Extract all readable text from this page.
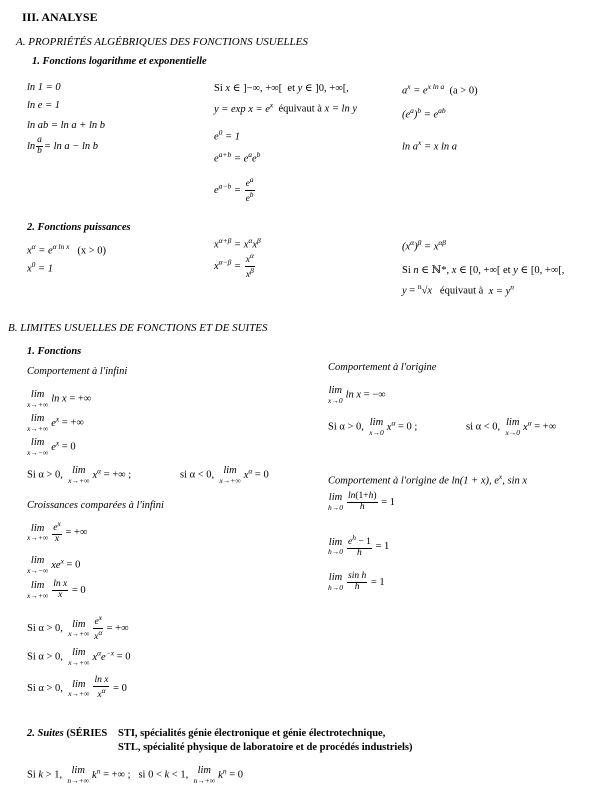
III. ANALYSE
A. PROPRIÉTÉS ALGÉBRIQUES DES FONCTIONS USUELLES
1. Fonctions logarithme et exponentielle
ln 1 = 0
ln e = 1
ln ab = ln a + ln b
$\ln \frac{a}{b} = \ln a - \ln b$
Si x ∈ ]−∞, +∞[  et y ∈ ]0, +∞[,
$y = \exp x = e^x$ équivaut à x = ln y
$e^0 = 1$
$e^{a+b} = e^ae^b$
$e^{a-b} = \frac{e^a}{e^b}$
$a^x = e^{x ln a}$ (a > 0)
$(e^a)^b = e^{ab}$
$\ln a^x = x$ ln a
2. Fonctions puissances
$x^\alpha = e^{\alpha ln x}$ (x > 0)
$x^0 = 1$
$x^{\alpha+\beta} = x^\alpha x^\beta$
$x^{\alpha-\beta} = \frac{x^\alpha}{x^\beta}$
$(x^\alpha)^\beta = x^{\alpha\beta}$
Si n ∈ ℕ*, x ∈ [0, +∞[ et y ∈ [0, +∞[,
y = $^n$√x   équivaut à  $x = y^n$
B. LIMITES USUELLES DE FONCTIONS ET DE SUITES
1. Fonctions
Comportement à l'infini
lim
x→+∞ ln x = +∞
lim
x→+∞ $e^x$ = +∞
lim
x→−∞ $e^x = 0$
Si α > 0, lim
x→+∞ $x^\alpha$ = +∞ ;	si α < 0, lim
x→+∞ $x^\alpha = 0$
Croissances comparées à l'infini
lim
$x\to+\infty \frac{e^x}{x}$ = +∞
lim
x→−∞ $xe^x = 0$
lim
$x\to+\infty \frac{\text{ln x}}{x} = 0$
Si α > 0, lim
$x\to+\infty \frac{e^x}{x^\alpha}$ = +∞
Si α > 0, lim
x→+∞ $x^\alpha e^{-x} = 0$
Si α > 0, lim
$x\to+\infty \frac{\text{ln x}}{x^\alpha} = 0$
Comportement à l'origine
lim
x→0 ln x = −∞
Si α > 0, lim
x→0 $x^\alpha = 0$ ;	si α < 0, lim
x→0 $x^\alpha$ = +∞
Comportement à l'origine de ln(1 + x), $e^x$, sin x
lim
$h\to 0 \frac{\ln(1+h)}{h} = 1$
lim
$h\to 0 \frac{e^h - 1}{h} = 1$
lim
$h\to 0 \frac{\text{sin h}}{h} = 1$
2. Suites (SÉRIES STI, spécialités génie électronique et génie électrotechnique,
STL, spécialité physique de laboratoire et de procédés industriels)
Si k > 1, lim
n→+∞ $k^n$ = +∞ ;   si 0 < k < 1, lim
n→+∞ $k^n = 0$
